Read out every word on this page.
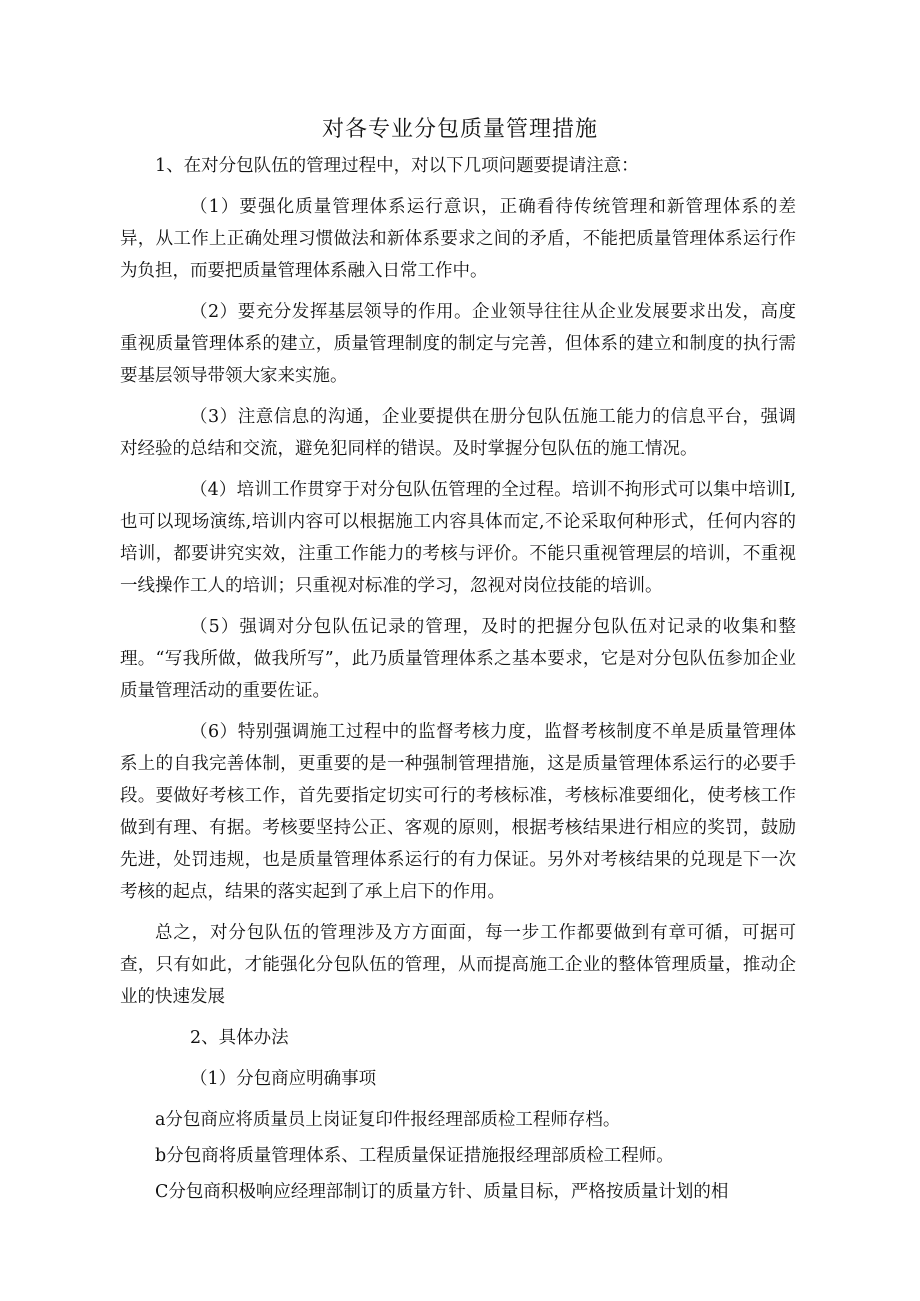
对各专业分包质量管理措施
1、在对分包队伍的管理过程中，对以下几项问题要提请注意：
（1）要强化质量管理体系运行意识，正确看待传统管理和新管理体系的差异，从工作上正确处理习惯做法和新体系要求之间的矛盾，不能把质量管理体系运行作为负担，而要把质量管理体系融入日常工作中。
（2）要充分发挥基层领导的作用。企业领导往往从企业发展要求出发，高度重视质量管理体系的建立，质量管理制度的制定与完善，但体系的建立和制度的执行需要基层领导带领大家来实施。
（3）注意信息的沟通，企业要提供在册分包队伍施工能力的信息平台，强调对经验的总结和交流，避免犯同样的错误。及时掌握分包队伍的施工情况。
（4）培训工作贯穿于对分包队伍管理的全过程。培训不拘形式可以集中培训I,也可以现场演练,培训内容可以根据施工内容具体而定,不论采取何种形式，任何内容的培训，都要讲究实效，注重工作能力的考核与评价。不能只重视管理层的培训，不重视一线操作工人的培训；只重视对标准的学习，忽视对岗位技能的培训。
（5）强调对分包队伍记录的管理，及时的把握分包队伍对记录的收集和整理。“写我所做，做我所写”，此乃质量管理体系之基本要求，它是对分包队伍参加企业质量管理活动的重要佐证。
（6）特别强调施工过程中的监督考核力度，监督考核制度不单是质量管理体系上的自我完善体制，更重要的是一种强制管理措施，这是质量管理体系运行的必要手段。要做好考核工作，首先要指定切实可行的考核标准，考核标准要细化，使考核工作做到有理、有据。考核要坚持公正、客观的原则，根据考核结果进行相应的奖罚，鼓励先进，处罚违规，也是质量管理体系运行的有力保证。另外对考核结果的兑现是下一次考核的起点，结果的落实起到了承上启下的作用。
总之，对分包队伍的管理涉及方方面面，每一步工作都要做到有章可循，可据可查，只有如此，才能强化分包队伍的管理，从而提高施工企业的整体管理质量，推动企业的快速发展
2、具体办法
（1）分包商应明确事项
a分包商应将质量员上岗证复印件报经理部质检工程师存档。
b分包商将质量管理体系、工程质量保证措施报经理部质检工程师。
C分包商积极响应经理部制订的质量方针、质量目标，严格按质量计划的相
